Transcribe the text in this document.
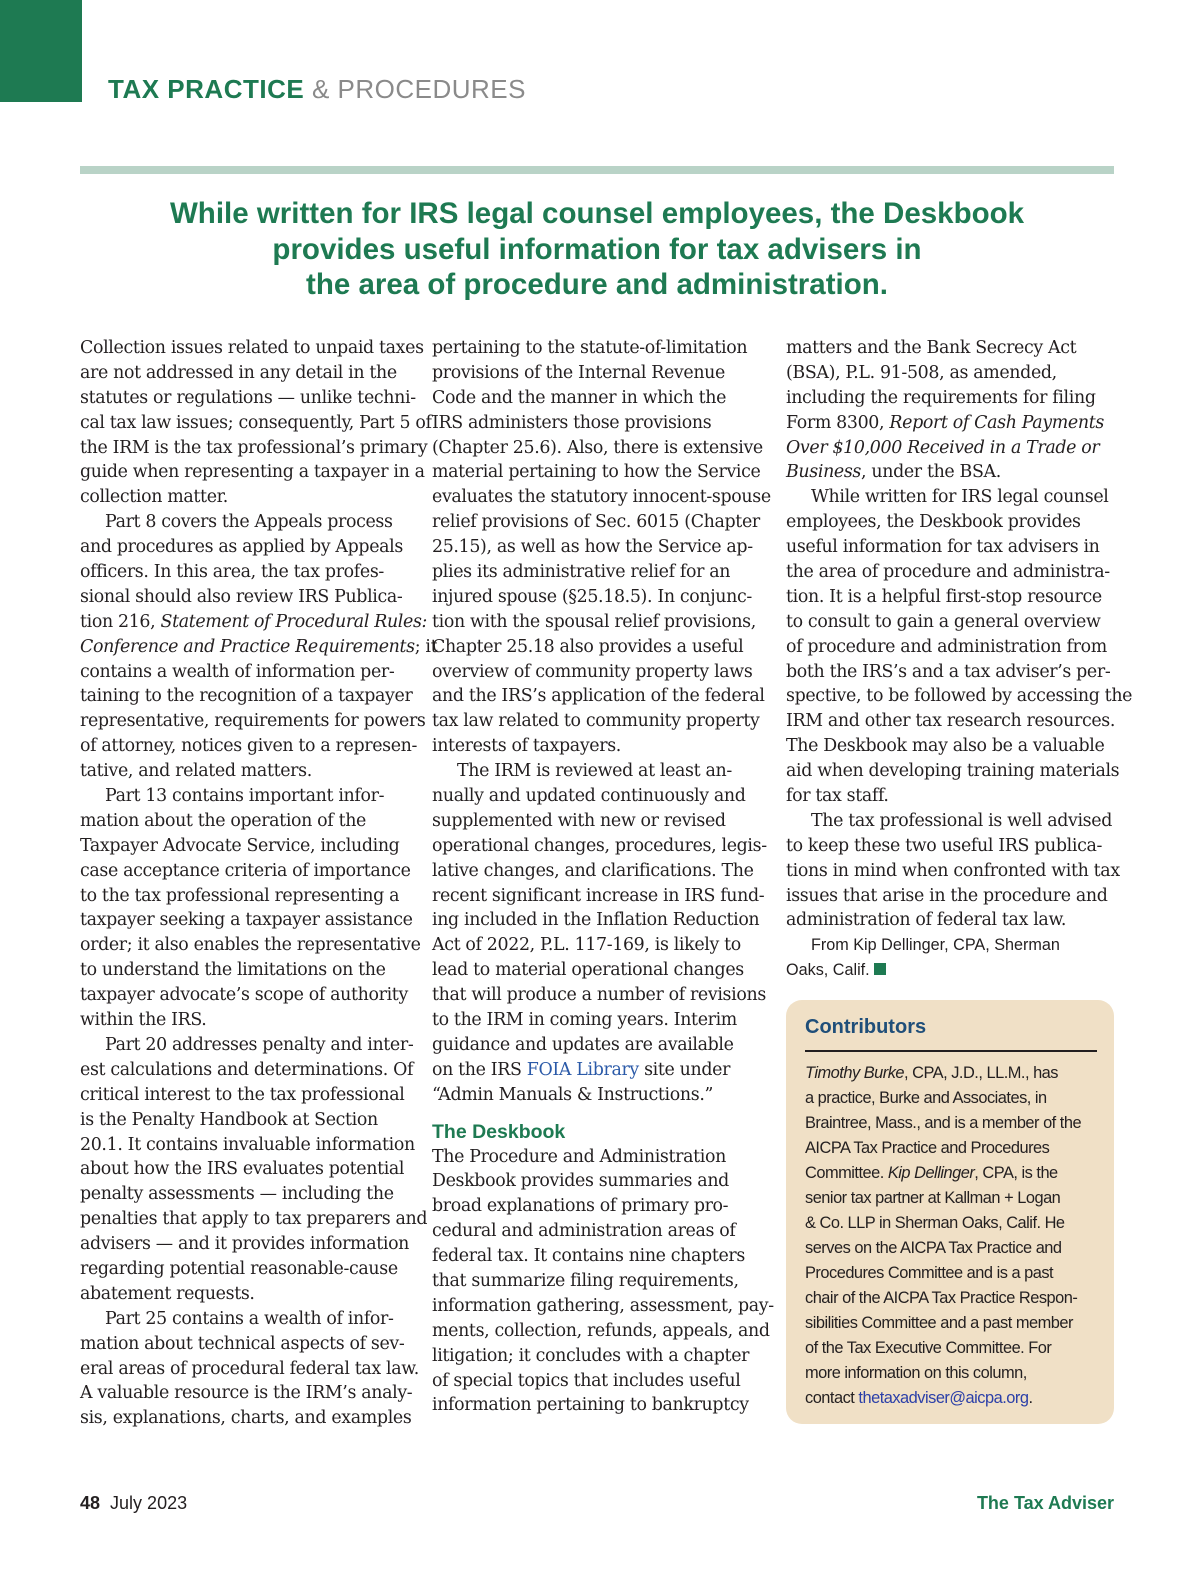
TAX PRACTICE & PROCEDURES
While written for IRS legal counsel employees, the Deskbook
provides useful information for tax advisers in
the area of procedure and administration.
Collection issues related to unpaid taxes
are not addressed in any detail in the
statutes or regulations — unlike techni-
cal tax law issues; consequently, Part 5 of
the IRM is the tax professional’s primary
guide when representing a taxpayer in a
collection matter.
Part 8 covers the Appeals process
and procedures as applied by Appeals
officers. In this area, the tax profes-
sional should also review IRS Publica-
tion 216, Statement of Procedural Rules:
Conference and Practice Requirements; it
contains a wealth of information per-
taining to the recognition of a taxpayer
representative, requirements for powers
of attorney, notices given to a represen-
tative, and related matters.
Part 13 contains important infor-
mation about the operation of the
Taxpayer Advocate Service, including
case acceptance criteria of importance
to the tax professional representing a
taxpayer seeking a taxpayer assistance
order; it also enables the representative
to understand the limitations on the
taxpayer advocate’s scope of authority
within the IRS.
Part 20 addresses penalty and inter-
est calculations and determinations. Of
critical interest to the tax professional
is the Penalty Handbook at Section
20.1. It contains invaluable information
about how the IRS evaluates potential
penalty assessments — including the
penalties that apply to tax preparers and
advisers — and it provides information
regarding potential reasonable-cause
abatement requests.
Part 25 contains a wealth of infor-
mation about technical aspects of sev-
eral areas of procedural federal tax law.
A valuable resource is the IRM’s analy-
sis, explanations, charts, and examples
pertaining to the statute-of-limitation
provisions of the Internal Revenue
Code and the manner in which the
IRS administers those provisions
(Chapter 25.6). Also, there is extensive
material pertaining to how the Service
evaluates the statutory innocent-spouse
relief provisions of Sec. 6015 (Chapter
25.15), as well as how the Service ap-
plies its administrative relief for an
injured spouse (§25.18.5). In conjunc-
tion with the spousal relief provisions,
Chapter 25.18 also provides a useful
overview of community property laws
and the IRS’s application of the federal
tax law related to community property
interests of taxpayers.
The IRM is reviewed at least an-
nually and updated continuously and
supplemented with new or revised
operational changes, procedures, legis-
lative changes, and clarifications. The
recent significant increase in IRS fund-
ing included in the Inflation Reduction
Act of 2022, P.L. 117-169, is likely to
lead to material operational changes
that will produce a number of revisions
to the IRM in coming years. Interim
guidance and updates are available
on the IRS FOIA Library site under
“Admin Manuals & Instructions.”
The Deskbook
The Procedure and Administration
Deskbook provides summaries and
broad explanations of primary pro-
cedural and administration areas of
federal tax. It contains nine chapters
that summarize filing requirements,
information gathering, assessment, pay-
ments, collection, refunds, appeals, and
litigation; it concludes with a chapter
of special topics that includes useful
information pertaining to bankruptcy
matters and the Bank Secrecy Act
(BSA), P.L. 91-508, as amended,
including the requirements for filing
Form 8300, Report of Cash Payments
Over $10,000 Received in a Trade or
Business, under the BSA.
While written for IRS legal counsel
employees, the Deskbook provides
useful information for tax advisers in
the area of procedure and administra-
tion. It is a helpful first-stop resource
to consult to gain a general overview
of procedure and administration from
both the IRS’s and a tax adviser’s per-
spective, to be followed by accessing the
IRM and other tax research resources.
The Deskbook may also be a valuable
aid when developing training materials
for tax staff.
The tax professional is well advised
to keep these two useful IRS publica-
tions in mind when confronted with tax
issues that arise in the procedure and
administration of federal tax law.
From Kip Dellinger, CPA, Sherman
Oaks, Calif.
Contributors
Timothy Burke, CPA, J.D., LL.M., has
a practice, Burke and Associates, in
Braintree, Mass., and is a member of the
AICPA Tax Practice and Procedures
Committee. Kip Dellinger, CPA, is the
senior tax partner at Kallman + Logan
& Co. LLP in Sherman Oaks, Calif. He
serves on the AICPA Tax Practice and
Procedures Committee and is a past
chair of the AICPA Tax Practice Respon-
sibilities Committee and a past member
of the Tax Executive Committee. For
more information on this column,
contact thetaxadviser@aicpa.org.
48 July 2023	The Tax Adviser
